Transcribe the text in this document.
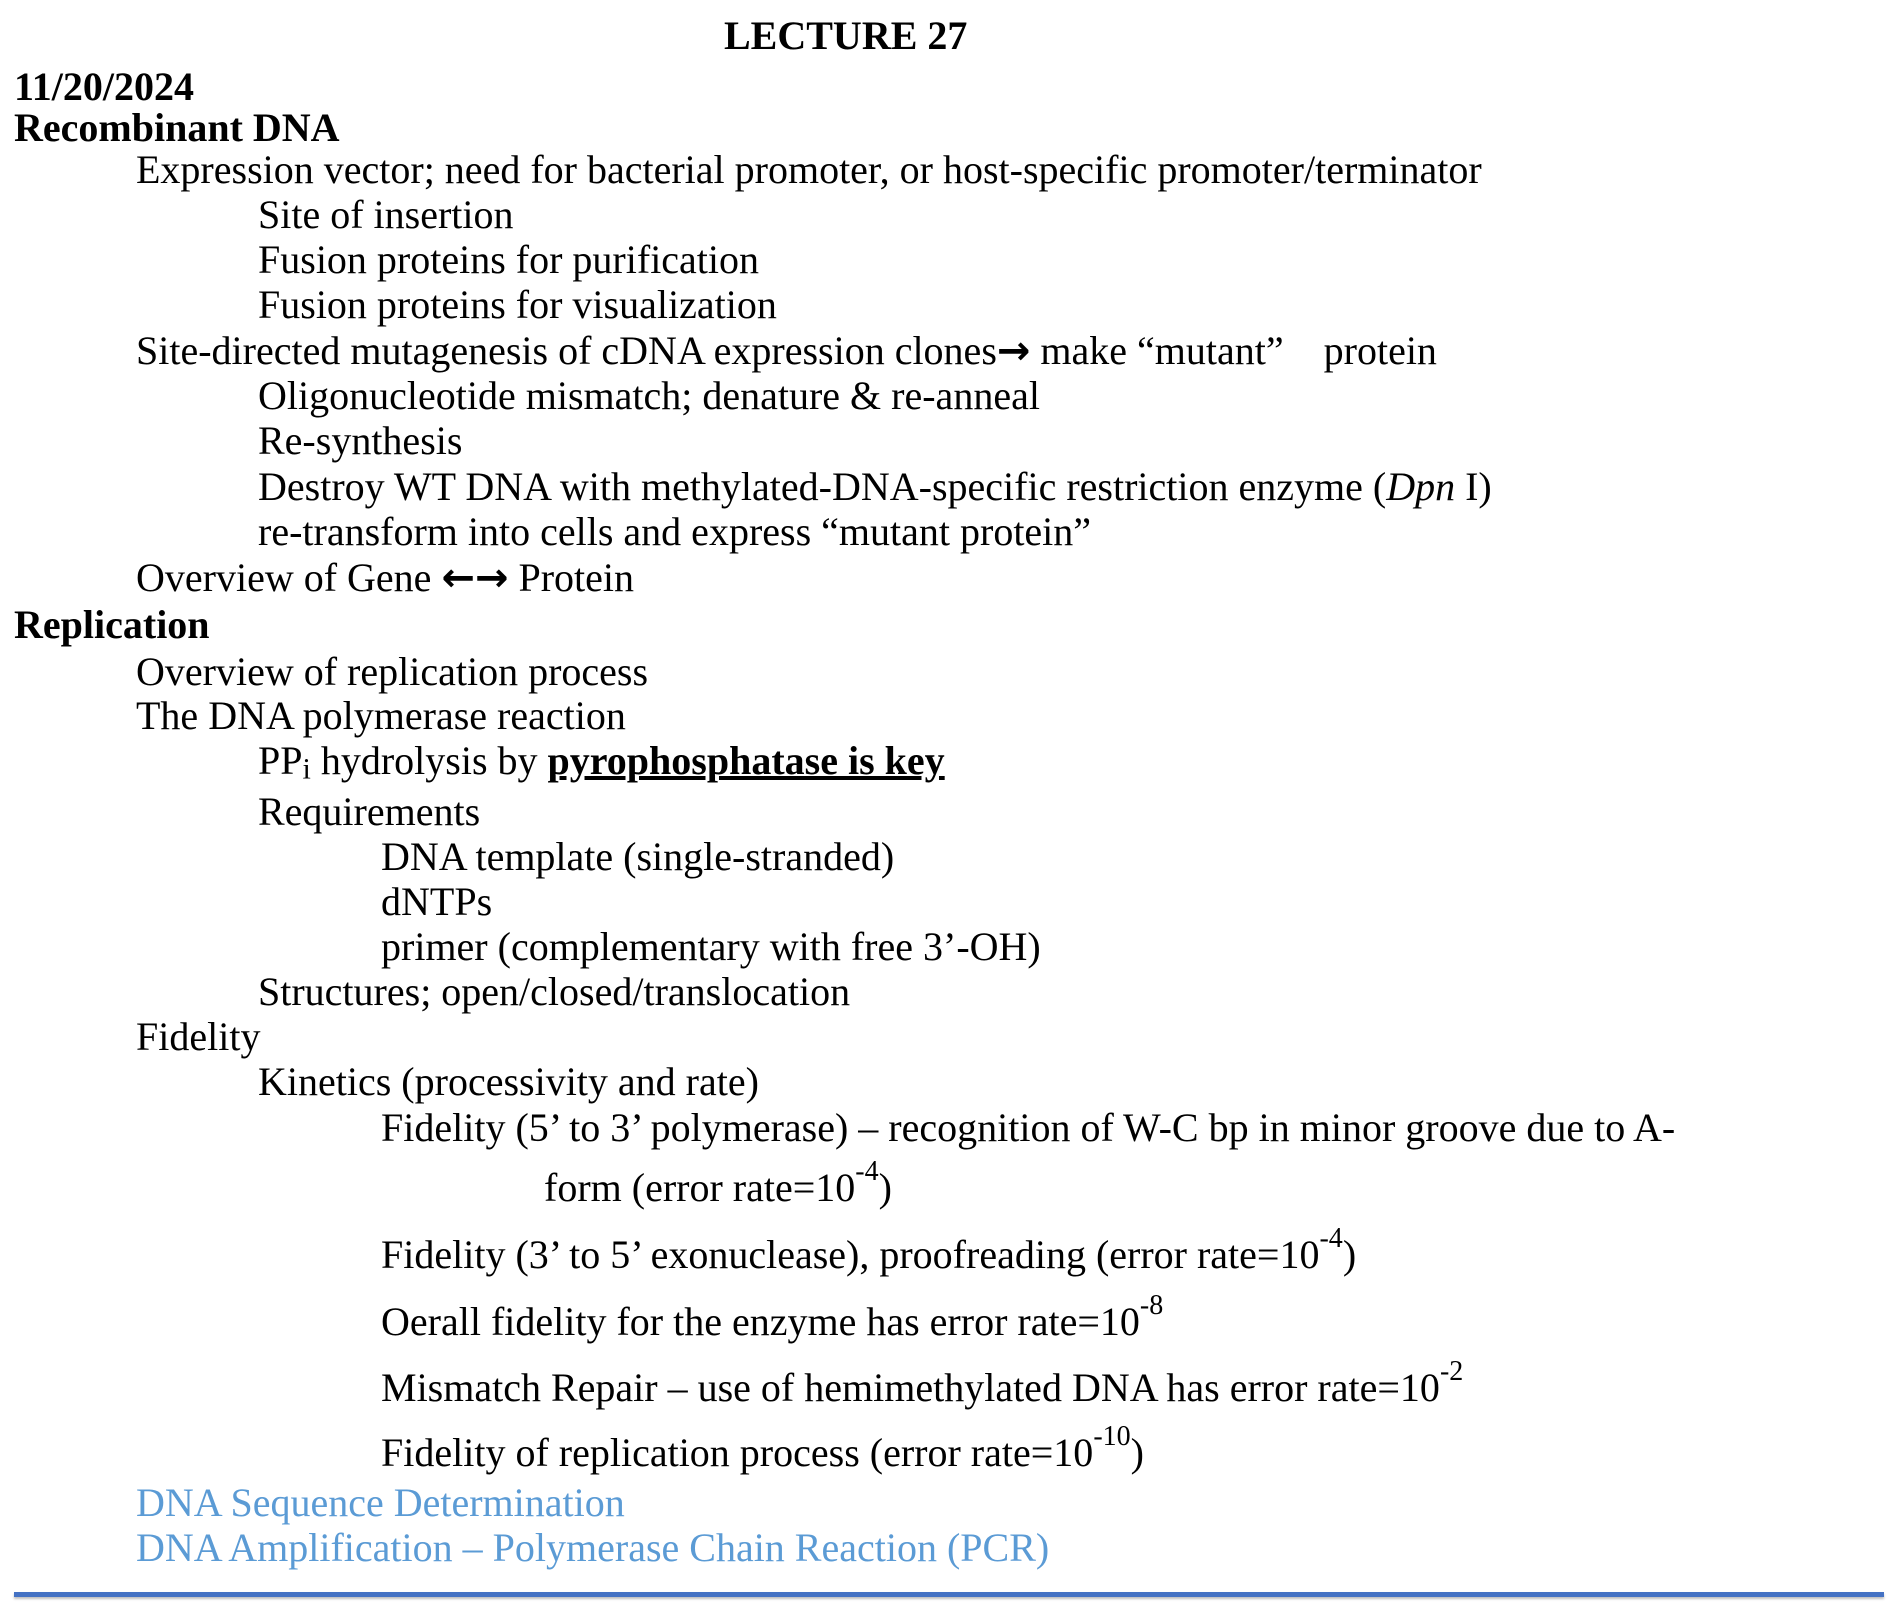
LECTURE 27
11/20/2024
Recombinant DNA
Expression vector; need for bacterial promoter, or host-specific promoter/terminator
Site of insertion
Fusion proteins for purification
Fusion proteins for visualization
Site-directed mutagenesis of cDNA expression clones→ make “mutant”    protein
Oligonucleotide mismatch; denature & re-anneal
Re-synthesis
Destroy WT DNA with methylated-DNA-specific restriction enzyme (Dpn I)
re-transform into cells and express “mutant protein”
Overview of Gene ←→ Protein
Replication
Overview of replication process
The DNA polymerase reaction
$PP_i$ hydrolysis by pyrophosphatase is key
Requirements
DNA template (single-stranded)
dNTPs
primer (complementary with free 3’-OH)
Structures; open/closed/translocation
Fidelity
Kinetics (processivity and rate)
Fidelity (5’ to 3’ polymerase) – recognition of W-C bp in minor groove due to A-
form (error $rate=10^{-4}$)
Fidelity (3’ to 5’ exonuclease), proofreading (error $rate=10^{-4}$)
Oerall fidelity for the enzyme has error $rate=10^{-8}$
Mismatch Repair – use of hemimethylated DNA has error $rate=10^{-2}$
Fidelity of replication process (error $rate=10^{-10}$)
DNA Sequence Determination
DNA Amplification – Polymerase Chain Reaction (PCR)
